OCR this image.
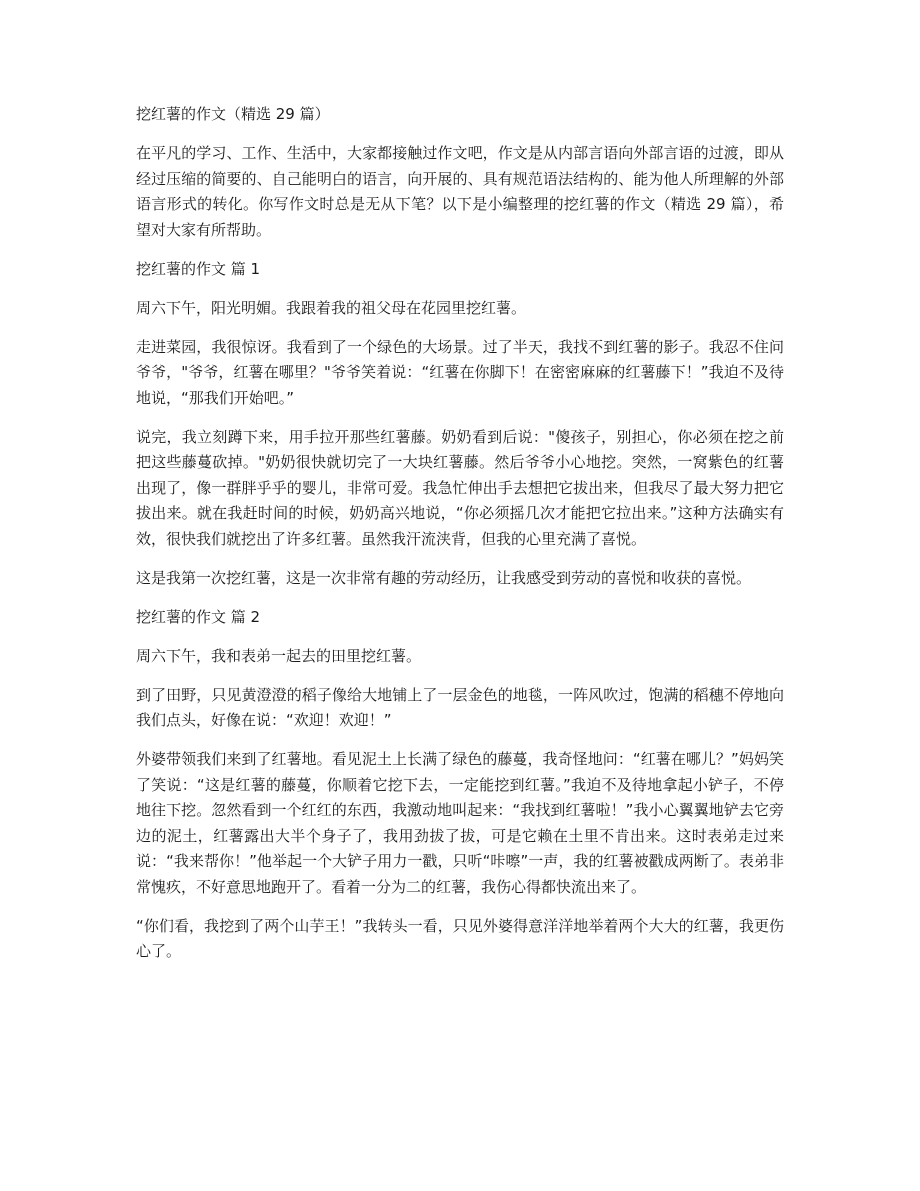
挖红薯的作文（精选 29 篇）

在平凡的学习、工作、生活中，大家都接触过作文吧，作文是从内部言语向外部言语的过渡，即从经过压缩的简要的、自己能明白的语言，向开展的、具有规范语法结构的、能为他人所理解的外部语言形式的转化。你写作文时总是无从下笔？以下是小编整理的挖红薯的作文（精选 29 篇），希望对大家有所帮助。

挖红薯的作文 篇 1

周六下午，阳光明媚。我跟着我的祖父母在花园里挖红薯。

走进菜园，我很惊讶。我看到了一个绿色的大场景。过了半天，我找不到红薯的影子。我忍不住问爷爷，"爷爷，红薯在哪里？"爷爷笑着说：“红薯在你脚下！在密密麻麻的红薯藤下！”我迫不及待地说，“那我们开始吧。”

说完，我立刻蹲下来，用手拉开那些红薯藤。奶奶看到后说："傻孩子，别担心，你必须在挖之前把这些藤蔓砍掉。"奶奶很快就切完了一大块红薯藤。然后爷爷小心地挖。突然，一窝紫色的红薯出现了，像一群胖乎乎的婴儿，非常可爱。我急忙伸出手去想把它拔出来，但我尽了最大努力把它拔出来。就在我赶时间的时候，奶奶高兴地说，“你必须摇几次才能把它拉出来。”这种方法确实有效，很快我们就挖出了许多红薯。虽然我汗流浃背，但我的心里充满了喜悦。

这是我第一次挖红薯，这是一次非常有趣的劳动经历，让我感受到劳动的喜悦和收获的喜悦。

挖红薯的作文 篇 2

周六下午，我和表弟一起去的田里挖红薯。

到了田野，只见黄澄澄的稻子像给大地铺上了一层金色的地毯，一阵风吹过，饱满的稻穗不停地向我们点头，好像在说：“欢迎！欢迎！”

外婆带领我们来到了红薯地。看见泥土上长满了绿色的藤蔓，我奇怪地问：“红薯在哪儿？”妈妈笑了笑说：“这是红薯的藤蔓，你顺着它挖下去，一定能挖到红薯。”我迫不及待地拿起小铲子，不停地往下挖。忽然看到一个红红的东西，我激动地叫起来：“我找到红薯啦！”我小心翼翼地铲去它旁边的泥土，红薯露出大半个身子了，我用劲拔了拔，可是它赖在土里不肯出来。这时表弟走过来说：“我来帮你！”他举起一个大铲子用力一戳，只听“咔嚓”一声，我的红薯被戳成两断了。表弟非常愧疚，不好意思地跑开了。看着一分为二的红薯，我伤心得都快流出来了。

“你们看，我挖到了两个山芋王！”我转头一看，只见外婆得意洋洋地举着两个大大的红薯，我更伤心了。
